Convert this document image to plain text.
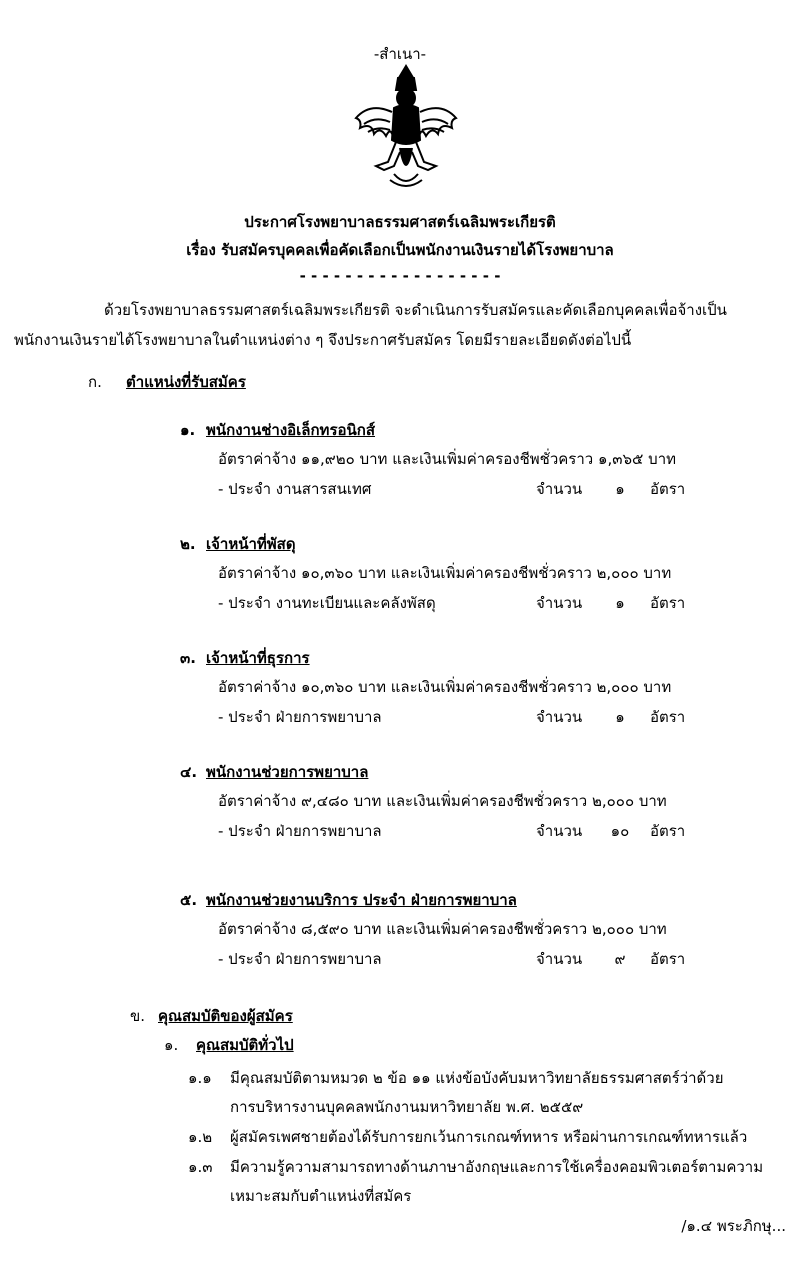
-สำเนา-
ประกาศโรงพยาบาลธรรมศาสตร์เฉลิมพระเกียรติ
เรื่อง รับสมัครบุคคลเพื่อคัดเลือกเป็นพนักงานเงินรายได้โรงพยาบาล
- - - - - - - - - - - - - - - - - -
ด้วยโรงพยาบาลธรรมศาสตร์เฉลิมพระเกียรติ จะดำเนินการรับสมัครและคัดเลือกบุคคลเพื่อจ้างเป็น
พนักงานเงินรายได้โรงพยาบาลในตำแหน่งต่าง ๆ จึงประกาศรับสมัคร โดยมีรายละเอียดดังต่อไปนี้
ก. ตำแหน่งที่รับสมัคร
๑. พนักงานช่างอิเล็กทรอนิกส์
อัตราค่าจ้าง ๑๑,๙๒๐ บาท และเงินเพิ่มค่าครองชีพชั่วคราว ๑,๓๖๕ บาท
- ประจำ งานสารสนเทศ	จำนวน	๑	อัตรา
๒. เจ้าหน้าที่พัสดุ
อัตราค่าจ้าง ๑๐,๓๖๐ บาท และเงินเพิ่มค่าครองชีพชั่วคราว ๒,๐๐๐ บาท
- ประจำ งานทะเบียนและคลังพัสดุ	จำนวน	๑	อัตรา
๓. เจ้าหน้าที่ธุรการ
อัตราค่าจ้าง ๑๐,๓๖๐ บาท และเงินเพิ่มค่าครองชีพชั่วคราว ๒,๐๐๐ บาท
- ประจำ ฝ่ายการพยาบาล	จำนวน	๑	อัตรา
๔. พนักงานช่วยการพยาบาล
อัตราค่าจ้าง ๙,๔๘๐ บาท และเงินเพิ่มค่าครองชีพชั่วคราว ๒,๐๐๐ บาท
- ประจำ ฝ่ายการพยาบาล	จำนวน	๑๐	อัตรา
๕. พนักงานช่วยงานบริการ ประจำ ฝ่ายการพยาบาล
อัตราค่าจ้าง ๘,๕๙๐ บาท และเงินเพิ่มค่าครองชีพชั่วคราว ๒,๐๐๐ บาท
- ประจำ ฝ่ายการพยาบาล	จำนวน	๙	อัตรา
ข. คุณสมบัติของผู้สมัคร
๑. คุณสมบัติทั่วไป
๑.๑ มีคุณสมบัติตามหมวด ๒ ข้อ ๑๑ แห่งข้อบังคับมหาวิทยาลัยธรรมศาสตร์ว่าด้วย
การบริหารงานบุคคลพนักงานมหาวิทยาลัย พ.ศ. ๒๕๕๙
๑.๒ ผู้สมัครเพศชายต้องได้รับการยกเว้นการเกณฑ์ทหาร หรือผ่านการเกณฑ์ทหารแล้ว
๑.๓ มีความรู้ความสามารถทางด้านภาษาอังกฤษและการใช้เครื่องคอมพิวเตอร์ตามความ
เหมาะสมกับตำแหน่งที่สมัคร
/๑.๔ พระภิกษุ...
